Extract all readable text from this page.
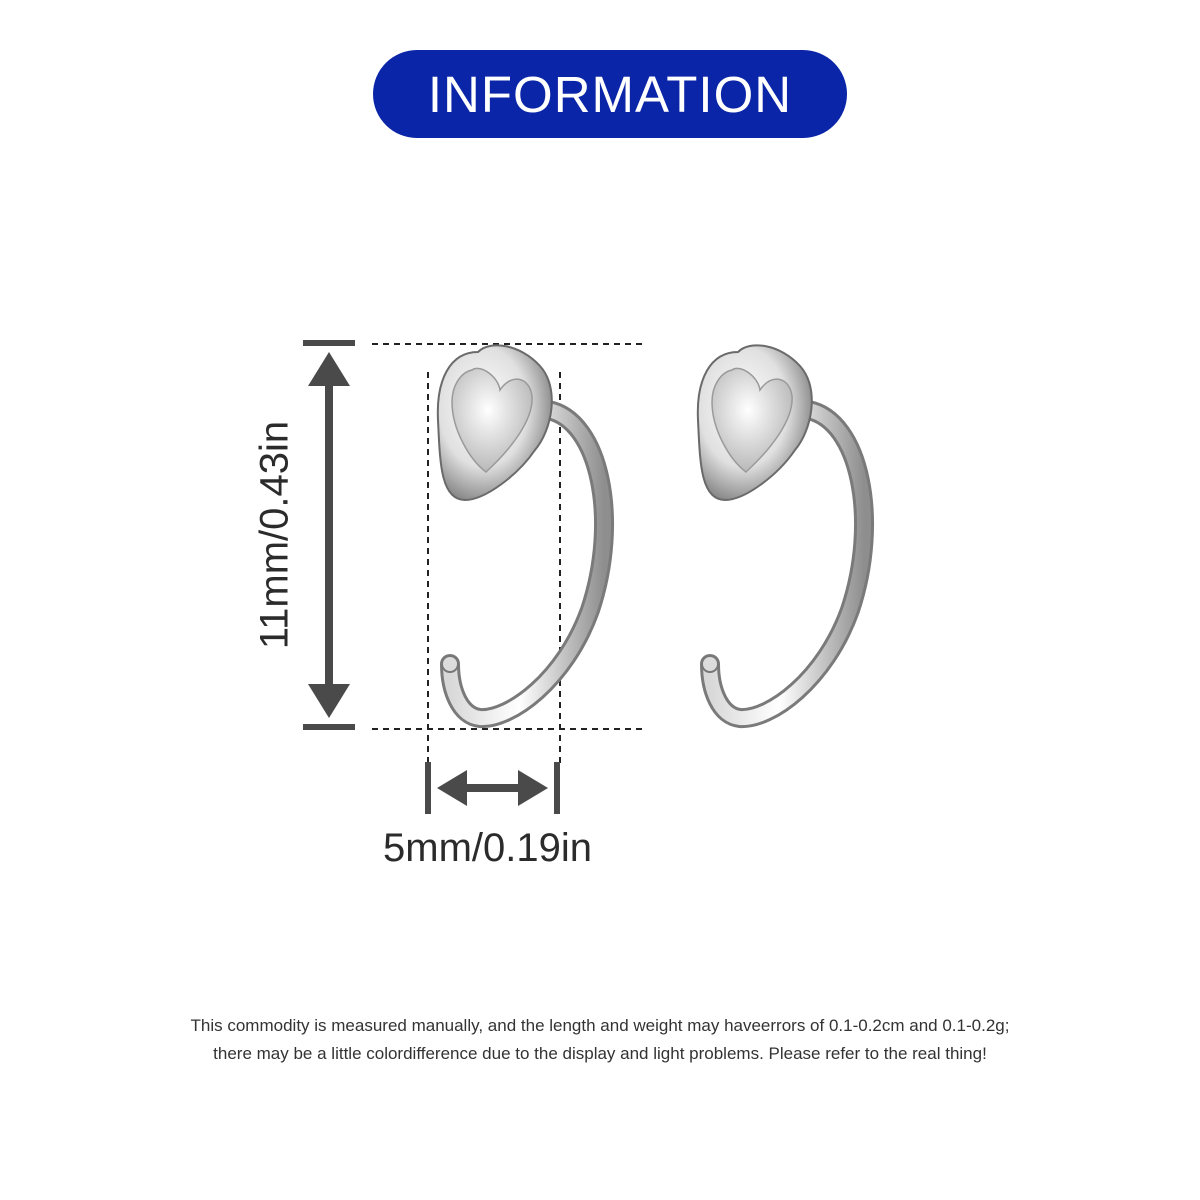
INFORMATION
11mm/0.43in
5mm/0.19in
This commodity is measured manually, and the length and weight may haveerrors of 0.1-0.2cm and 0.1-0.2g;
there may be a little colordifference due to the display and light problems. Please refer to the real thing!
